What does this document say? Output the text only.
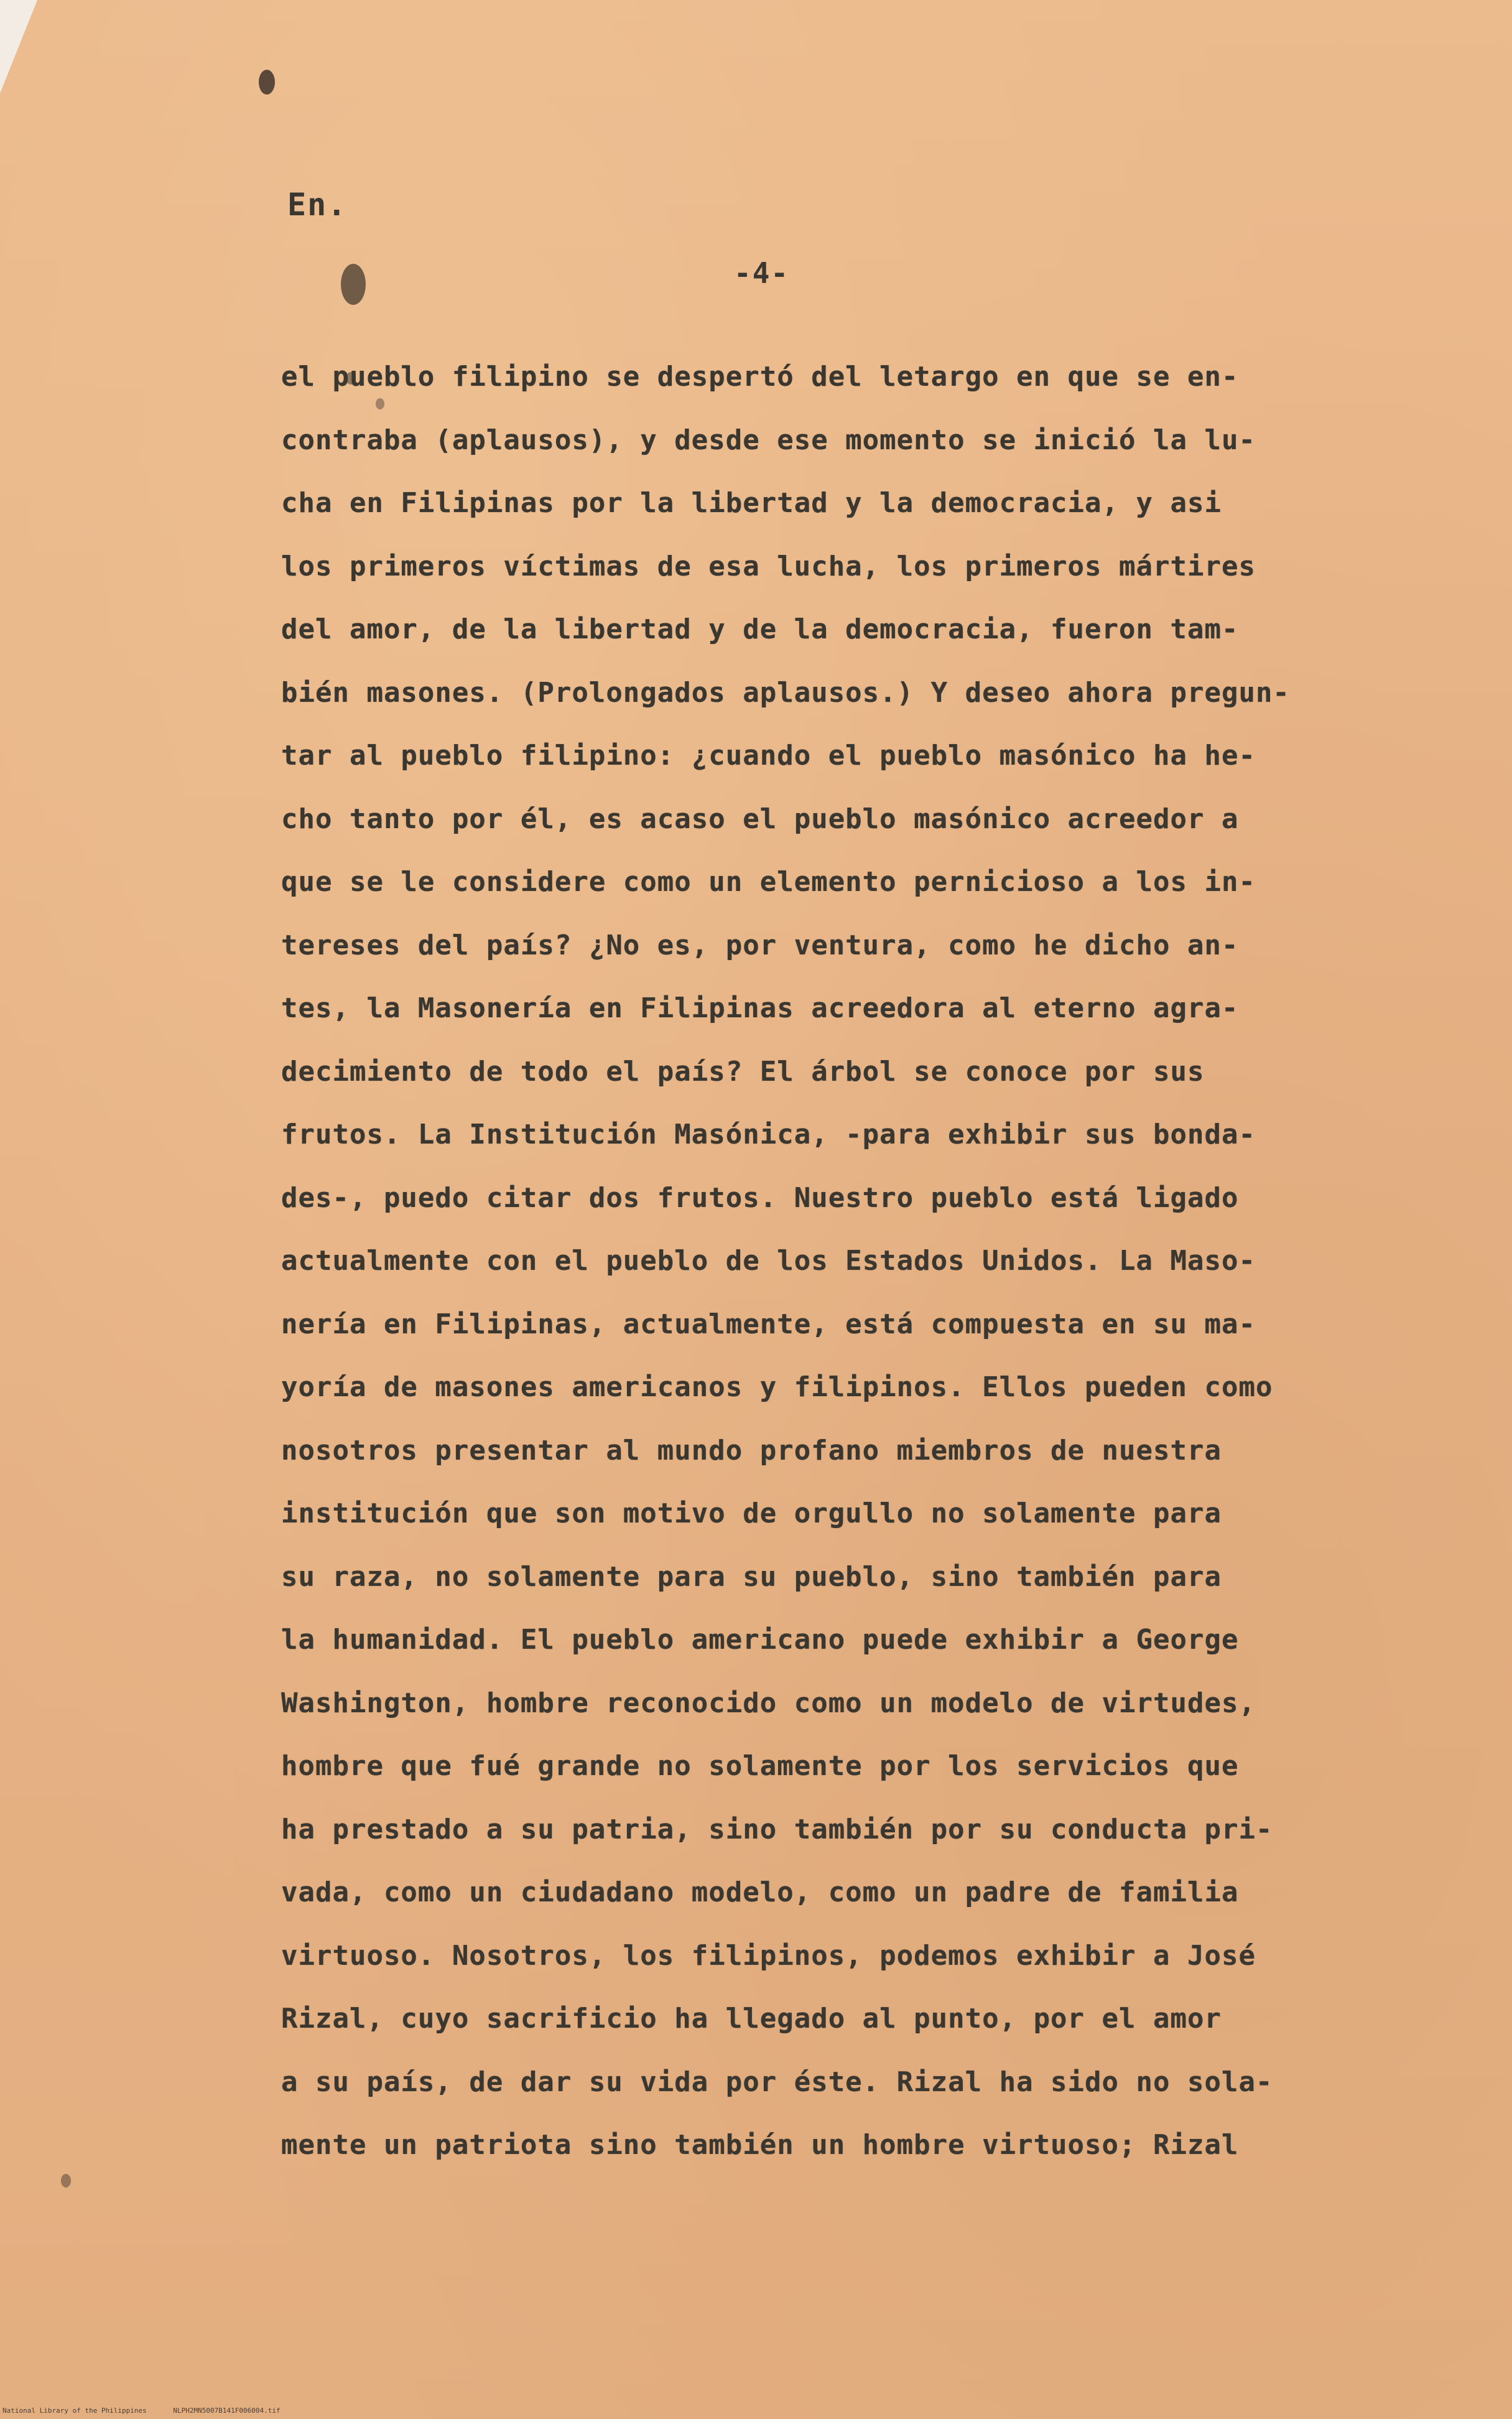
En.
-4-
el pueblo filipino se despertó del letargo en que se en-
contraba (aplausos), y desde ese momento se inició la lu-
cha en Filipinas por la libertad y la democracia, y asi
los primeros víctimas de esa lucha, los primeros mártires
del amor, de la libertad y de la democracia, fueron tam-
bién masones. (Prolongados aplausos.) Y deseo ahora pregun-
tar al pueblo filipino: ¿cuando el pueblo masónico ha he-
cho tanto por él, es acaso el pueblo masónico acreedor a
que se le considere como un elemento pernicioso a los in-
tereses del país? ¿No es, por ventura, como he dicho an-
tes, la Masonería en Filipinas acreedora al eterno agra-
decimiento de todo el país? El árbol se conoce por sus
frutos. La Institución Masónica, -para exhibir sus bonda-
des-, puedo citar dos frutos. Nuestro pueblo está ligado
actualmente con el pueblo de los Estados Unidos. La Maso-
nería en Filipinas, actualmente, está compuesta en su ma-
yoría de masones americanos y filipinos. Ellos pueden como
nosotros presentar al mundo profano miembros de nuestra
institución que son motivo de orgullo no solamente para
su raza, no solamente para su pueblo, sino también para
la humanidad. El pueblo americano puede exhibir a George
Washington, hombre reconocido como un modelo de virtudes,
hombre que fué grande no solamente por los servicios que
ha prestado a su patria, sino también por su conducta pri-
vada, como un ciudadano modelo, como un padre de familia
virtuoso. Nosotros, los filipinos, podemos exhibir a José
Rizal, cuyo sacrificio ha llegado al punto, por el amor
a su país, de dar su vida por éste. Rizal ha sido no sola-
mente un patriota sino también un hombre virtuoso; Rizal
National Library of the Philippines	NLPH2MN5007B141F006004.tif
